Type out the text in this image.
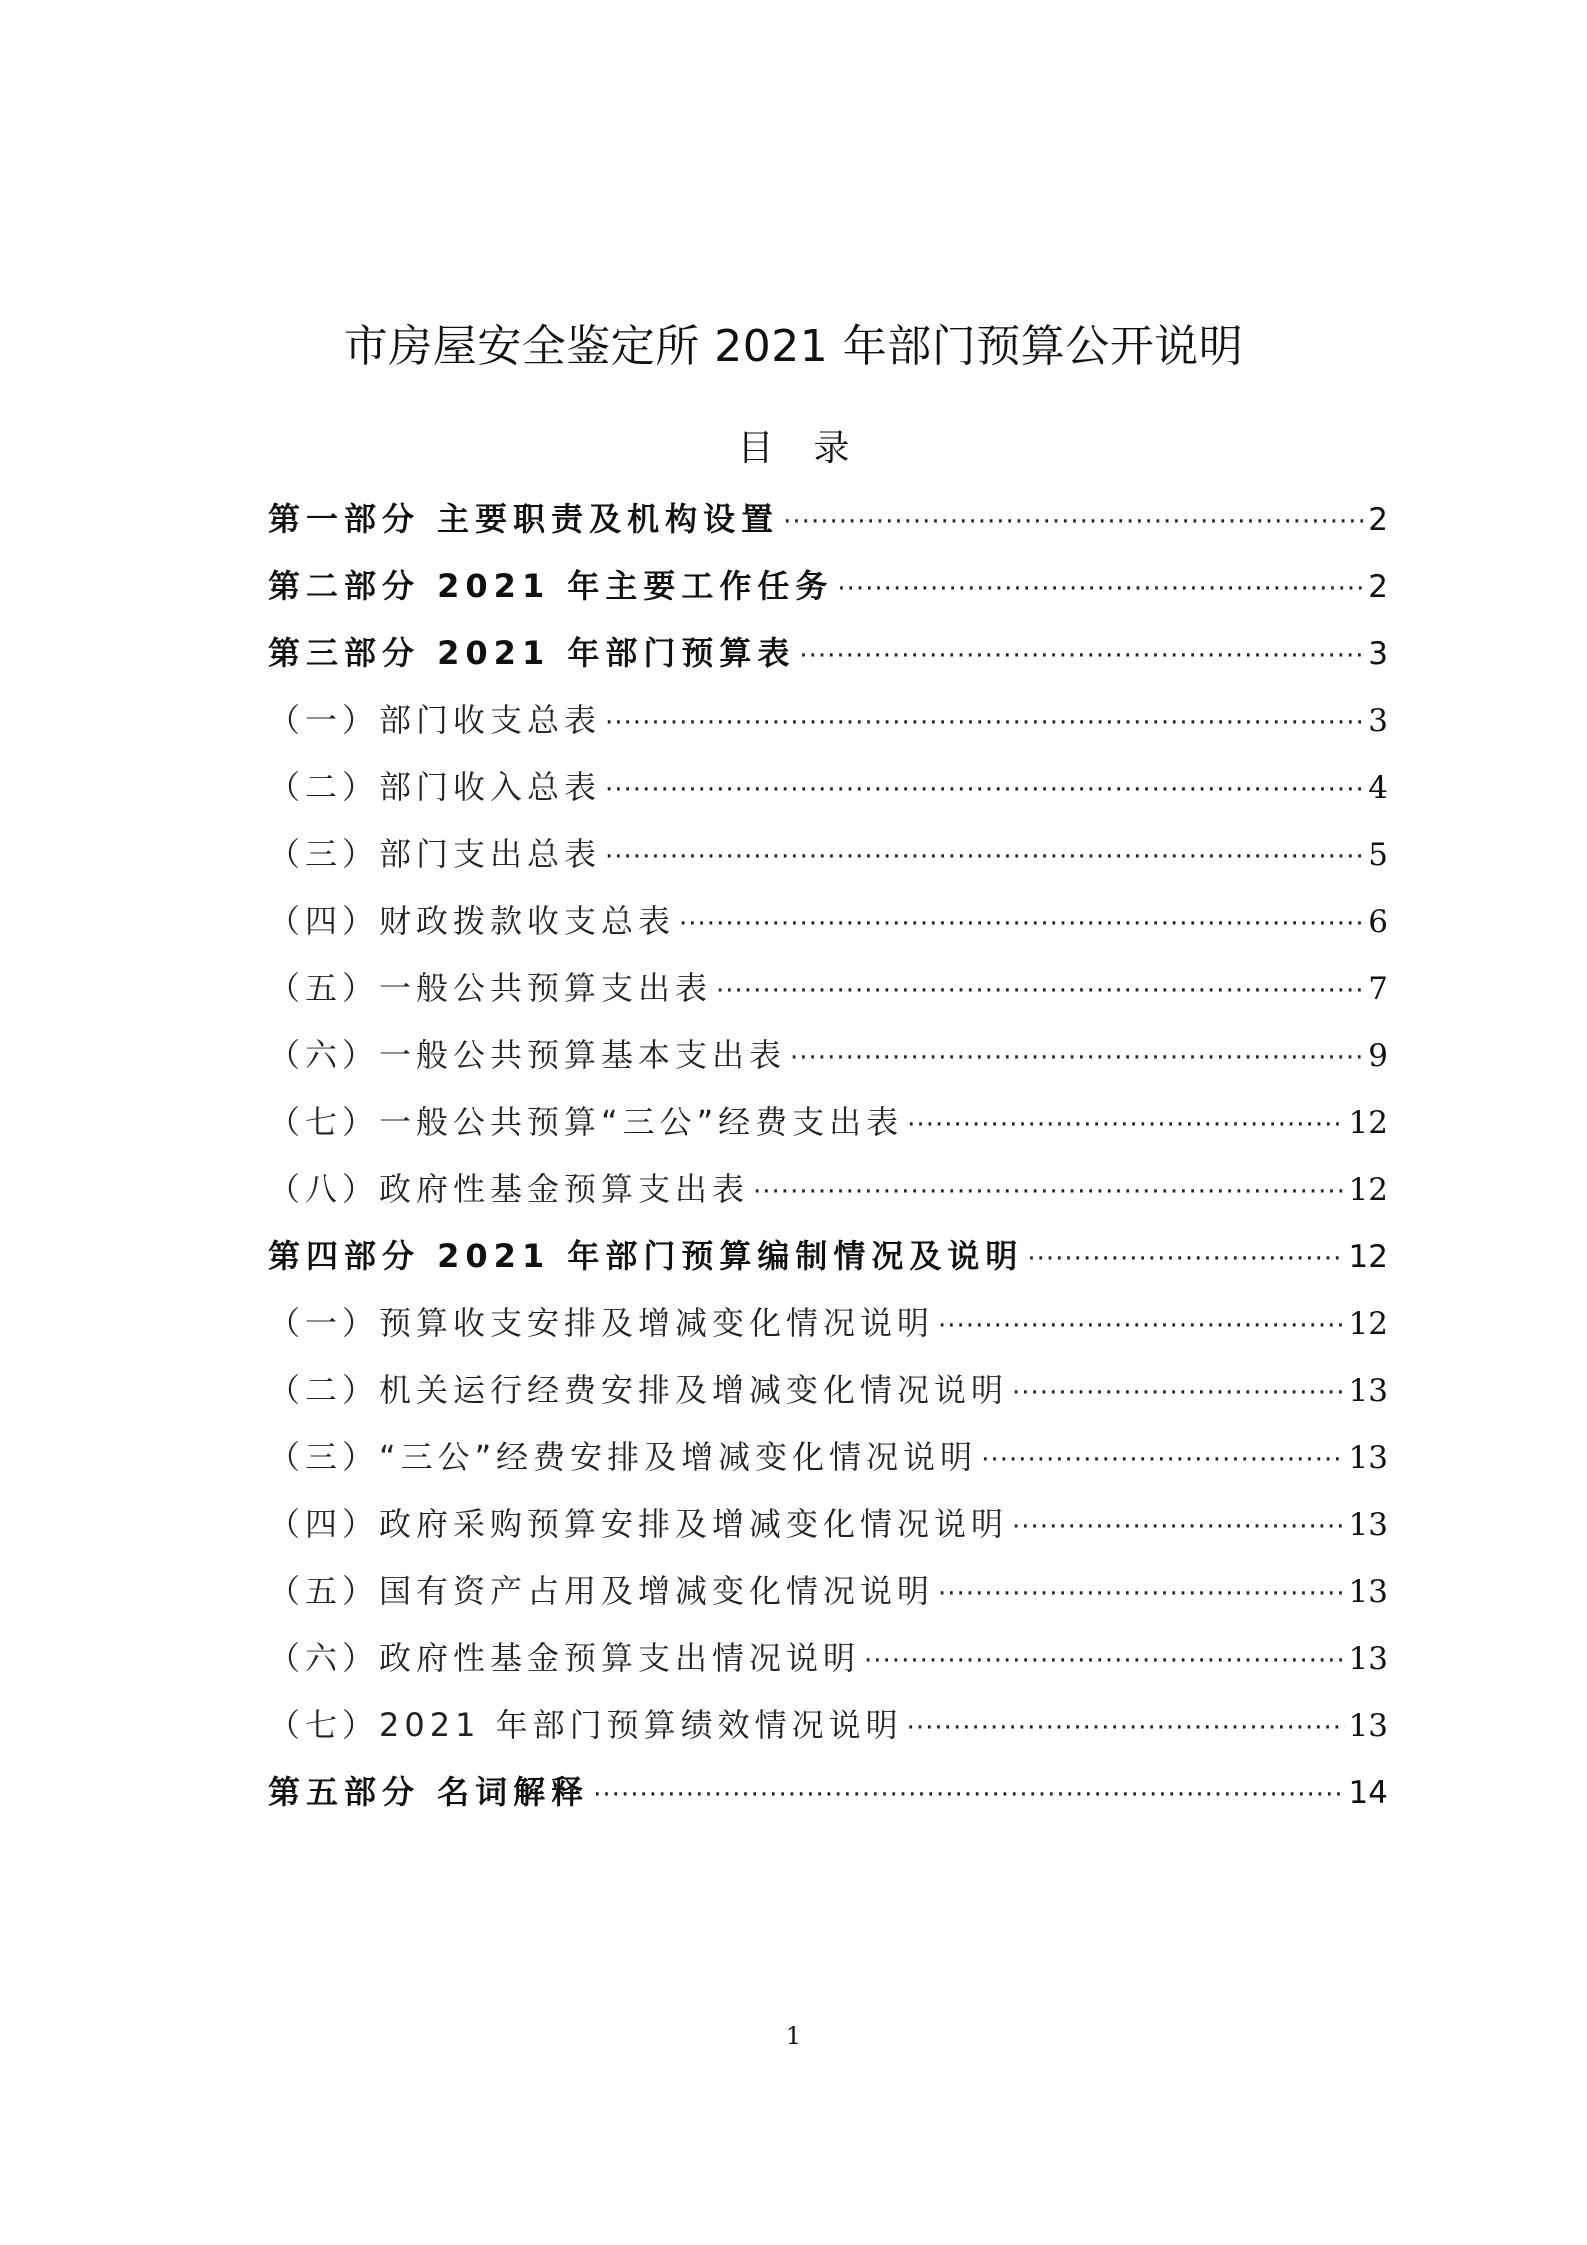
市房屋安全鉴定所 2021 年部门预算公开说明
目录
第一部分 主要职责及机构设置 ·····	2
第二部分 2021 年主要工作任务 ·····	2
第三部分 2021 年部门预算表 ·····	3
（一）部门收支总表 ·····	3
（二）部门收入总表 ·····	4
（三）部门支出总表 ·····	5
（四）财政拨款收支总表 ·····	6
（五）一般公共预算支出表 ·····	7
（六）一般公共预算基本支出表 ·····	9
（七）一般公共预算“三公”经费支出表 ·····	12
（八）政府性基金预算支出表 ·····	12
第四部分 2021 年部门预算编制情况及说明 ·····	12
（一）预算收支安排及增减变化情况说明 ·····	12
（二）机关运行经费安排及增减变化情况说明 ·····	13
（三）“三公”经费安排及增减变化情况说明 ·····	13
（四）政府采购预算安排及增减变化情况说明 ·····	13
（五）国有资产占用及增减变化情况说明 ·····	13
（六）政府性基金预算支出情况说明 ·····	13
（七）2021 年部门预算绩效情况说明 ·····	13
第五部分 名词解释 ·····	14
1
